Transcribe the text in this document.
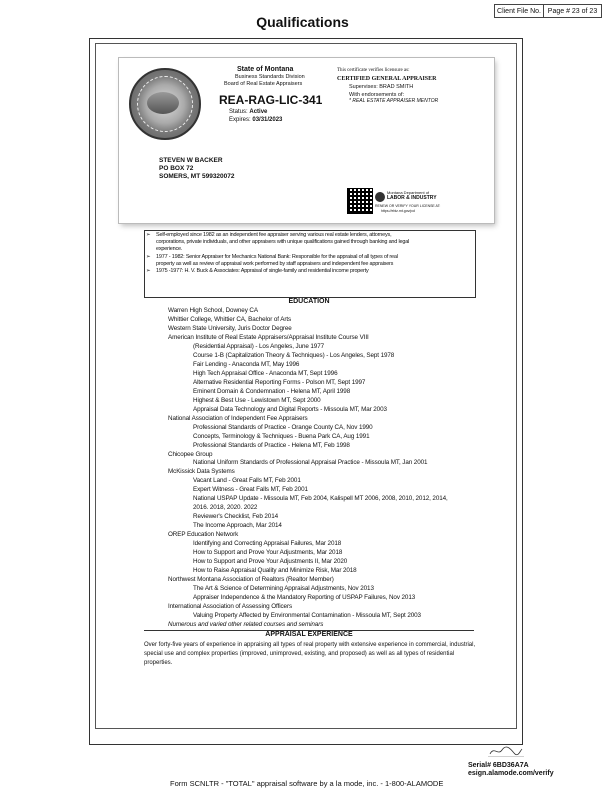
Client File No. Page # 23 of 23
Qualifications
State of Montana
Business Standards Division
Board of Real Estate Appraisers
REA-RAG-LIC-341
Status: Active
Expires: 03/31/2023
This certificate verifies licensure as:
CERTIFIED GENERAL APPRAISER
Supervises: BRAD SMITH
With endorsements of:
* REAL ESTATE APPRAISER MENTOR
STEVEN W BACKER
PO BOX 72
SOMERS, MT 599320072
Montana Department of
LABOR & INDUSTRY
RENEW OR VERIFY YOUR LICENSE AT:
https://ebiz.mt.gov/pol
➢	Self-employed since 1982 as an independent fee appraiser serving various real estate lenders, attorneys,
corporations, private individuals, and other appraisers with unique qualifications gained through banking and legal
experience.
➢	1977 - 1982: Senior Appraiser for Mechanics National Bank: Responsible for the appraisal of all types of real
property as well as review of appraisal work performed by staff appraisers and independent fee appraisers
➢	1975 -1977: H. V. Buck & Associates: Appraisal of single-family and residential income property
EDUCATION
APPRAISAL EXPERIENCE
Over forty-five years of experience in appraising all types of real property with extensive experience in commercial, industrial, special use and complex properties (improved, unimproved, existing, and proposed) as well as all types of residential properties.
Warren High School, Downey CA
Whittier College, Whittier CA, Bachelor of Arts
Western State University, Juris Doctor Degree
American Institute of Real Estate Appraisers/Appraisal Institute Course VIII
(Residential Appraisal) - Los Angeles, June 1977
Course 1-B (Capitalization Theory & Techniques) - Los Angeles, Sept 1978
Fair Lending - Anaconda MT, May 1996
High Tech Appraisal Office - Anaconda MT, Sept 1996
Alternative Residential Reporting Forms - Polson MT, Sept 1997
Eminent Domain & Condemnation - Helena MT, April 1998
Highest & Best Use - Lewistown MT, Sept 2000
Appraisal Data Technology and Digital Reports - Missoula MT, Mar 2003
National Association of Independent Fee Appraisers
Professional Standards of Practice - Orange County CA, Nov 1990
Concepts, Terminology & Techniques - Buena Park CA, Aug 1991
Professional Standards of Practice - Helena MT, Feb 1998
Chicopee Group
National Uniform Standards of Professional Appraisal Practice - Missoula MT, Jan 2001
McKissick Data Systems
Vacant Land - Great Falls MT, Feb 2001
Expert Witness - Great Falls MT, Feb 2001
National USPAP Update - Missoula MT, Feb 2004, Kalispell MT 2006, 2008, 2010, 2012, 2014,
2016. 2018, 2020. 2022
Reviewer's Checklist, Feb 2014
The Income Approach, Mar 2014
OREP Education Network
Identifying and Correcting Appraisal Failures, Mar 2018
How to Support and Prove Your Adjustments, Mar 2018
How to Support and Prove Your Adjustments II, Mar 2020
How to Raise Appraisal Quality and Minimize Risk, Mar 2018
Northwest Montana Association of Realtors (Realtor Member)
The Art & Science of Determining Appraisal Adjustments, Nov 2013
Appraiser Independence & the Mandatory Reporting of USPAP Failures, Nov 2013
International Association of Assessing Officers
Valuing Property Affected by Environmental Contamination - Missoula MT, Sept 2003
Numerous and varied other related courses and seminars
Serial# 6BD36A7A
esign.alamode.com/verify
Form SCNLTR - "TOTAL" appraisal software by a la mode, inc. - 1-800-ALAMODE
